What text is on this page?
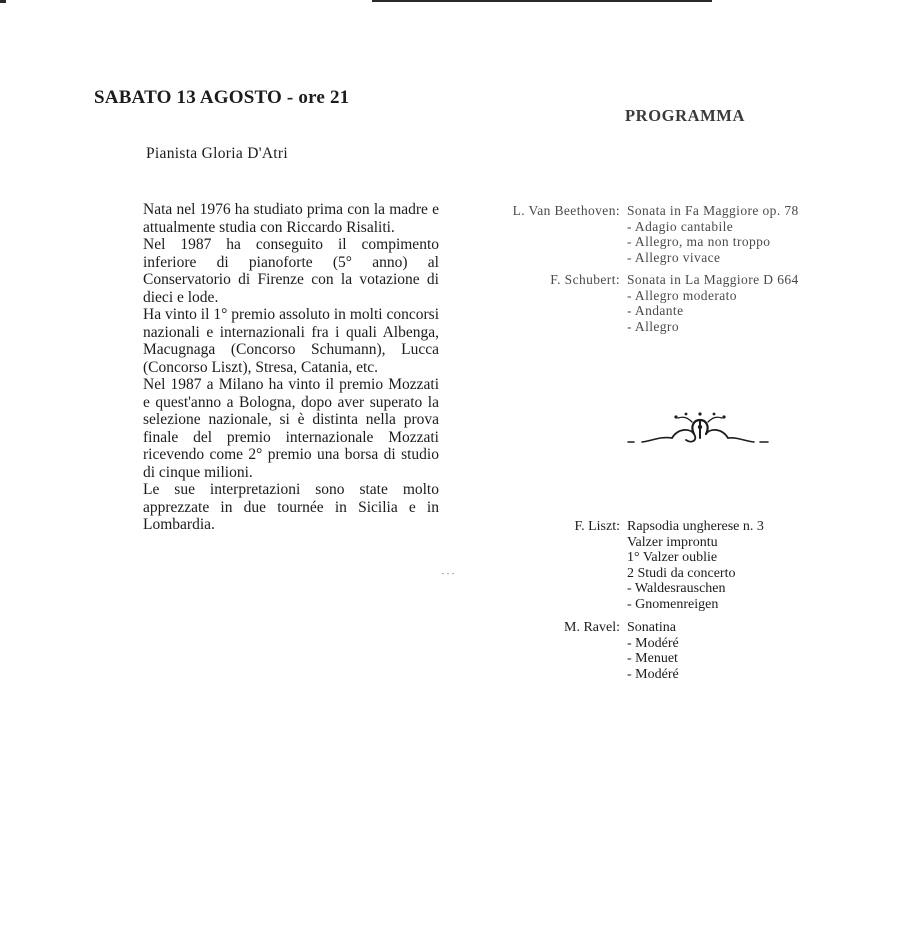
SABATO 13 AGOSTO - ore 21
Pianista Gloria D'Atri

Nata nel 1976 ha studiato prima con la madre e attualmente studia con Riccardo Risaliti.

Nel 1987 ha conseguito il compimento inferiore di pianoforte (5° anno) al Conservatorio di Firenze con la votazione di dieci e lode.

Ha vinto il 1° premio assoluto in molti concorsi nazionali e internazionali fra i quali Albenga, Macugnaga (Concorso Schumann), Lucca (Concorso Liszt), Stresa, Catania, etc.

Nel 1987 a Milano ha vinto il premio Mozzati e quest'anno a Bologna, dopo aver superato la selezione nazionale, si è distinta nella prova finale del premio internazionale Mozzati ricevendo come 2° premio una borsa di studio di cinque milioni.

Le sue interpretazioni sono state molto apprezzate in due tournée in Sicilia e in Lombardia.

PROGRAMMA
L. Van Beethoven: Sonata in Fa Maggiore op. 78
- Adagio cantabile
- Allegro, ma non troppo
- Allegro vivace
F. Schubert: Sonata in La Maggiore D 664
- Allegro moderato
- Andante
- Allegro
F. Liszt: Rapsodia ungherese n. 3
Valzer improntu
1° Valzer oublie
2 Studi da concerto
- Waldesrauschen
- Gnomenreigen
M. Ravel: Sonatina
- Modéré
- Menuet
- Modéré
